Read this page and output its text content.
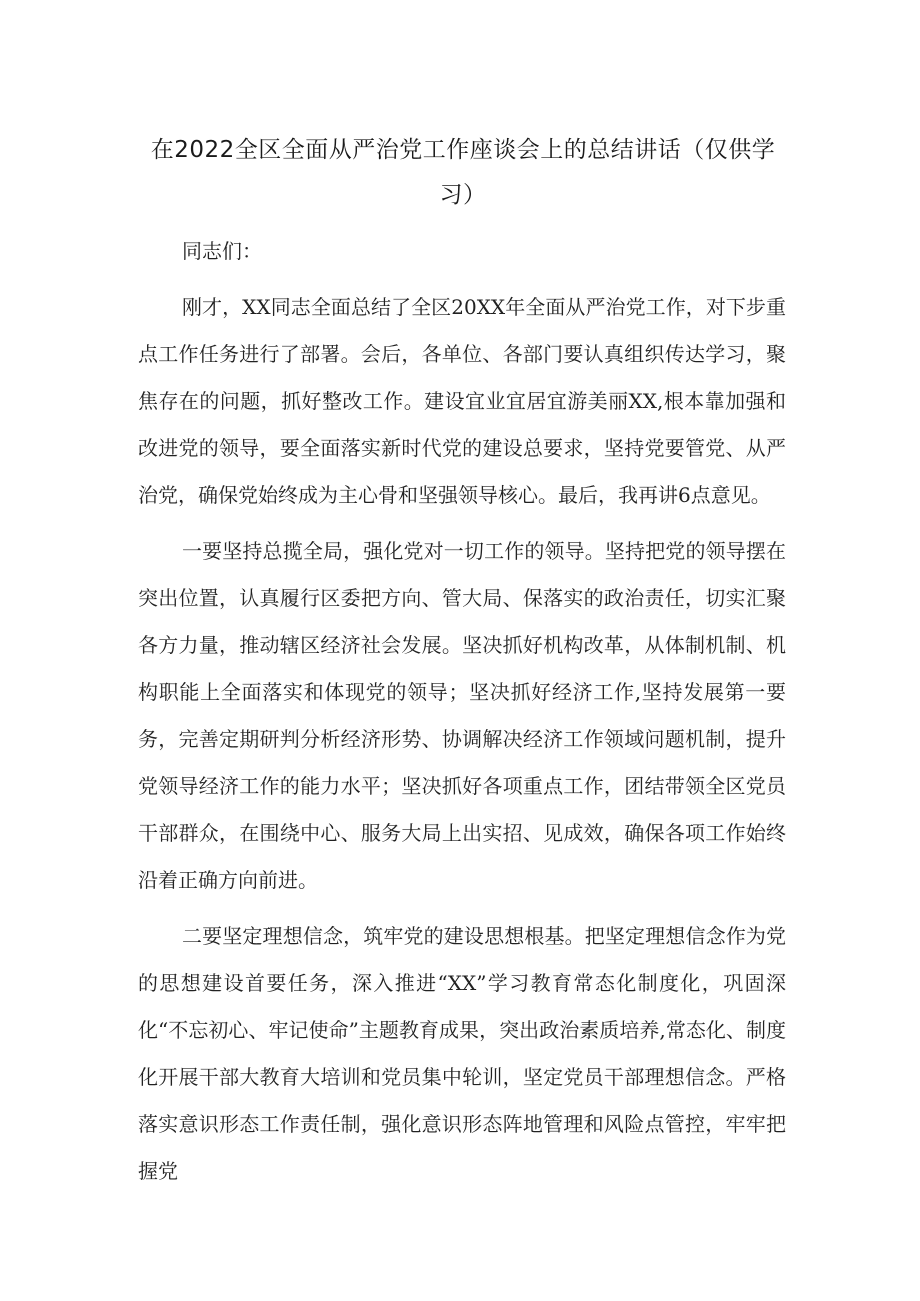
在2022全区全面从严治党工作座谈会上的总结讲话（仅供学习）

同志们：

刚才，XX同志全面总结了全区20XX年全面从严治党工作，对下步重点工作任务进行了部署。会后，各单位、各部门要认真组织传达学习，聚焦存在的问题，抓好整改工作。建设宜业宜居宜游美丽XX,根本靠加强和改进党的领导，要全面落实新时代党的建设总要求，坚持党要管党、从严治党，确保党始终成为主心骨和坚强领导核心。最后，我再讲6点意见。

一要坚持总揽全局，强化党对一切工作的领导。坚持把党的领导摆在突出位置，认真履行区委把方向、管大局、保落实的政治责任，切实汇聚各方力量，推动辖区经济社会发展。坚决抓好机构改革，从体制机制、机构职能上全面落实和体现党的领导；坚决抓好经济工作,坚持发展第一要务，完善定期研判分析经济形势、协调解决经济工作领域问题机制，提升党领导经济工作的能力水平；坚决抓好各项重点工作，团结带领全区党员干部群众，在围绕中心、服务大局上出实招、见成效，确保各项工作始终沿着正确方向前进。

二要坚定理想信念，筑牢党的建设思想根基。把坚定理想信念作为党的思想建设首要任务，深入推进“XX”学习教育常态化制度化，巩固深化“不忘初心、牢记使命”主题教育成果，突出政治素质培养,常态化、制度化开展干部大教育大培训和党员集中轮训，坚定党员干部理想信念。严格落实意识形态工作责任制，强化意识形态阵地管理和风险点管控，牢牢把握党
